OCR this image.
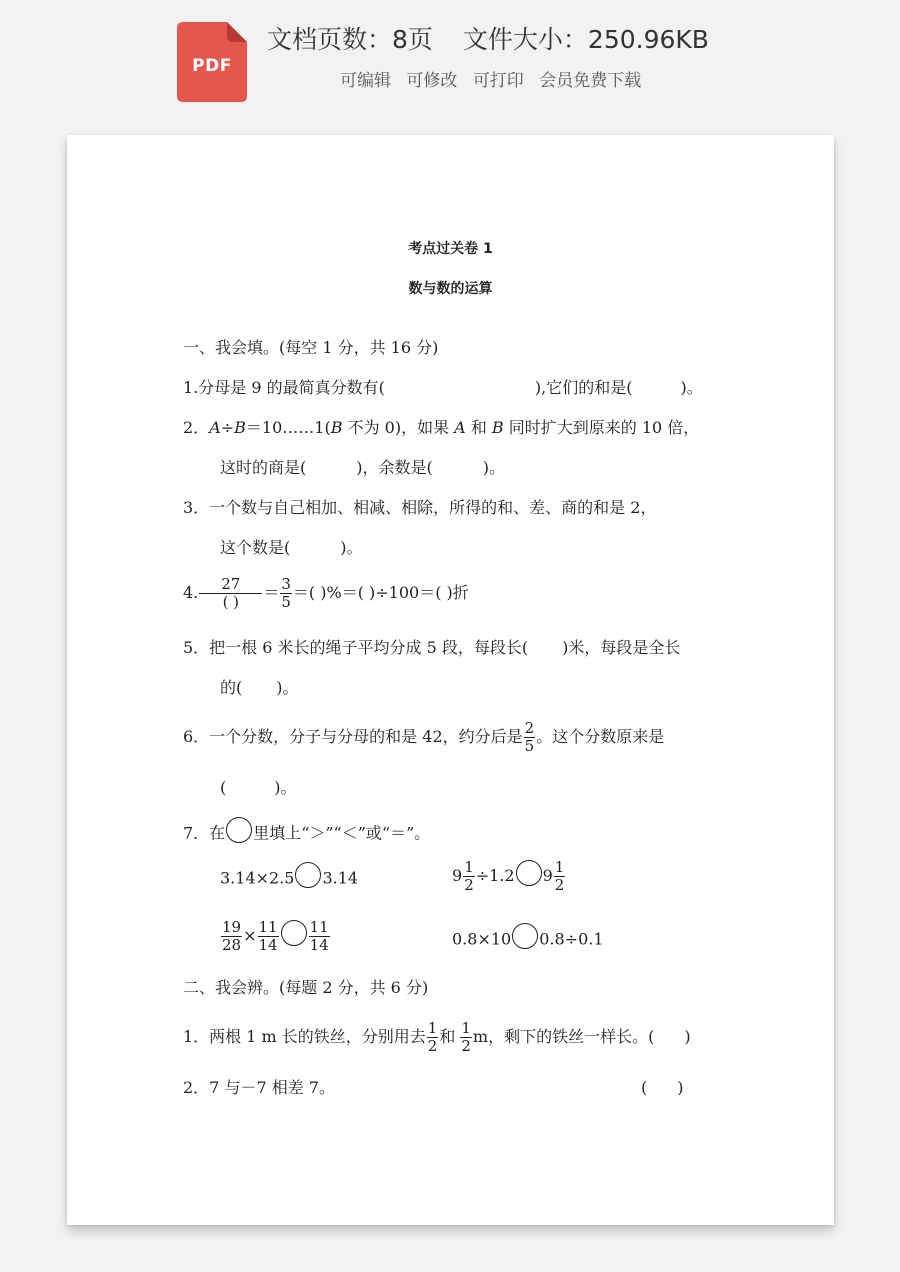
PDF
文档页数：8页 文件大小：250.96KB
可编辑 可修改 可打印 会员免费下载
考点过关卷 1
数与数的运算
一、我会填。(每空 1 分，共 16 分)
1.分母是 9 的最简真分数有(	),它们的和是(	)。
2．A÷B＝10……1(B 不为 0)，如果 A 和 B 同时扩大到原来的 10 倍，
这时的商是(	)，余数是(	)。
3．一个数与自己相加、相减、相除，所得的和、差、商的和是 2，
这个数是(	)。
4. $\frac{27}{( )} = \frac{3}{5}$ ＝( )%＝( )÷100＝( )折
5．把一根 6 米长的绳子平均分成 5 段，每段长( )米，每段是全长
的( )。
6．一个分数，分子与分母的和是 42，约分后是 $\frac{2}{5}$ 。这个分数原来是
(	)。
7．在 里填上“＞”“＜”或“＝”。
3.14×2.5 3.14	$9 \frac{1}{2} \div 1.2$ $9 \frac{1}{2}$
$\frac{19}{28} \times \frac{11}{14} \frac{11}{14}$	0.8×10 0.8÷0.1
二、我会辨。(每题 2 分，共 6 分)
1．两根 1 m 长的铁丝，分别用去 $\frac{1}{2}$ 和 $\frac{1}{2}$ m，剩下的铁丝一样长。( )
2．7 与－7 相差 7。	( )
